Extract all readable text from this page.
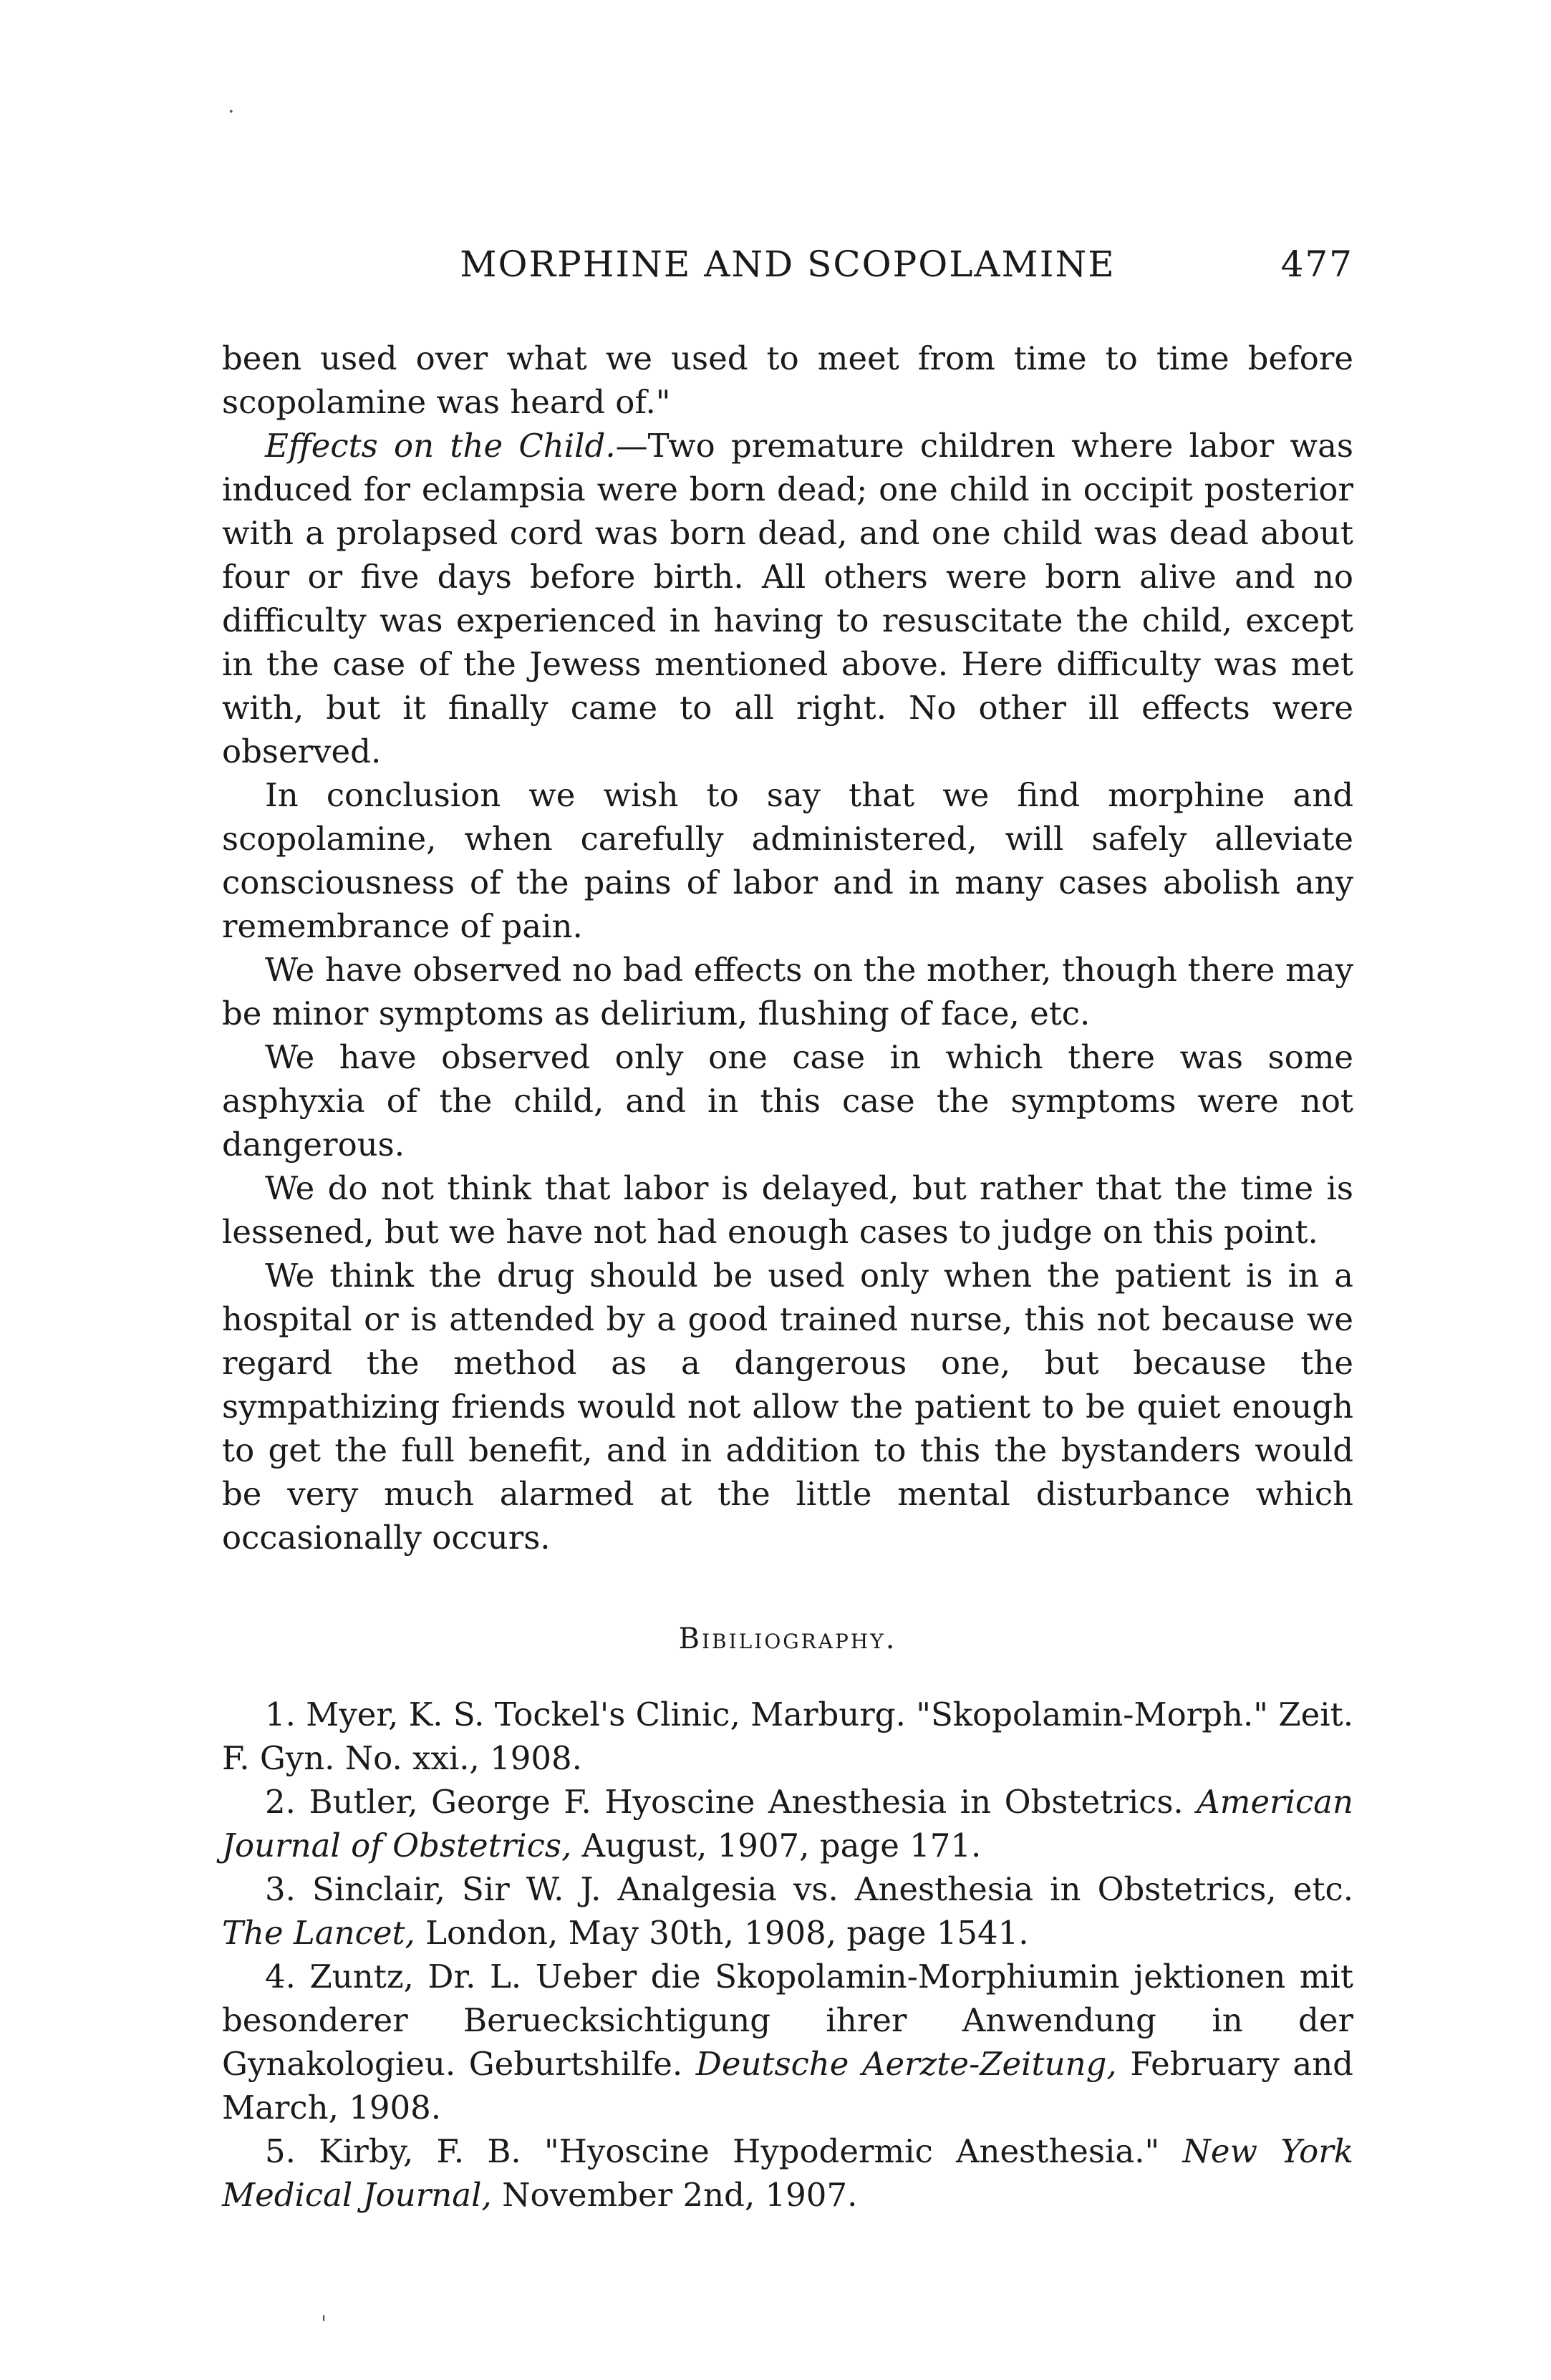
.
MORPHINE AND SCOPOLAMINE	477

been used over what we used to meet from time to time before scopolamine was heard of."

Effects on the Child.—Two premature children where labor was induced for eclampsia were born dead; one child in occipit posterior with a prolapsed cord was born dead, and one child was dead about four or five days before birth. All others were born alive and no difficulty was experienced in having to resuscitate the child, except in the case of the Jewess mentioned above. Here difficulty was met with, but it finally came to all right. No other ill effects were observed.

In conclusion we wish to say that we find morphine and scopolamine, when carefully administered, will safely alleviate consciousness of the pains of labor and in many cases abolish any remembrance of pain.

We have observed no bad effects on the mother, though there may be minor symptoms as delirium, flushing of face, etc.

We have observed only one case in which there was some asphyxia of the child, and in this case the symptoms were not dangerous.

We do not think that labor is delayed, but rather that the time is lessened, but we have not had enough cases to judge on this point.

We think the drug should be used only when the patient is in a hospital or is attended by a good trained nurse, this not because we regard the method as a dangerous one, but because the sympathizing friends would not allow the patient to be quiet enough to get the full benefit, and in addition to this the bystanders would be very much alarmed at the little mental disturbance which occasionally occurs.

Bibiliography.

1. Myer, K. S. Tockel's Clinic, Marburg. "Skopolamin-Morph." Zeit. F. Gyn. No. xxi., 1908.

2. Butler, George F. Hyoscine Anesthesia in Obstetrics. American Journal of Obstetrics, August, 1907, page 171.

3. Sinclair, Sir W. J. Analgesia vs. Anesthesia in Obstetrics, etc. The Lancet, London, May 30th, 1908, page 1541.

4. Zuntz, Dr. L. Ueber die Skopolamin-Morphiumin jektionen mit besonderer Beruecksichtigung ihrer Anwendung in der Gynakologieu. Geburtshilfe. Deutsche Aerzte-Zeitung, February and March, 1908.

5. Kirby, F. B. "Hyoscine Hypodermic Anesthesia." New York Medical Journal, November 2nd, 1907.

'
